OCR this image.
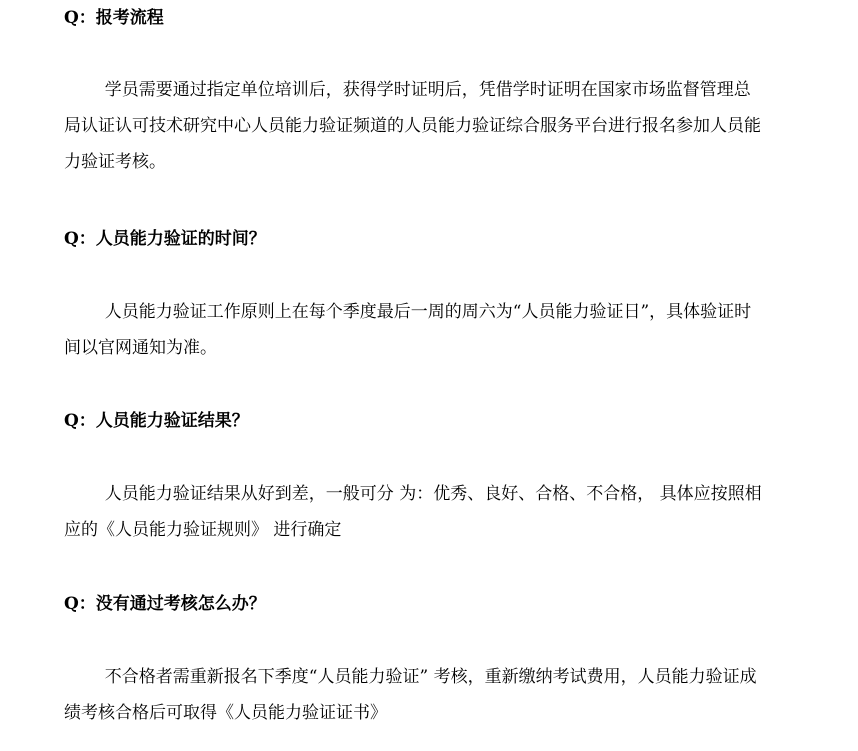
Q：报考流程
学员需要通过指定单位培训后，获得学时证明后，凭借学时证明在国家市场监督管理总局认证认可技术研究中心人员能力验证频道的人员能力验证综合服务平台进行报名参加人员能力验证考核。
Q：人员能力验证的时间？
人员能力验证工作原则上在每个季度最后一周的周六为“人员能力验证日”，具体验证时间以官网通知为准。
Q：人员能力验证结果？
人员能力验证结果从好到差，一般可分 为：优秀、良好、合格、不合格， 具体应按照相应的《人员能力验证规则》 进行确定
Q：没有通过考核怎么办？
不合格者需重新报名下季度“人员能力验证” 考核，重新缴纳考试费用，人员能力验证成绩考核合格后可取得《人员能力验证证书》
